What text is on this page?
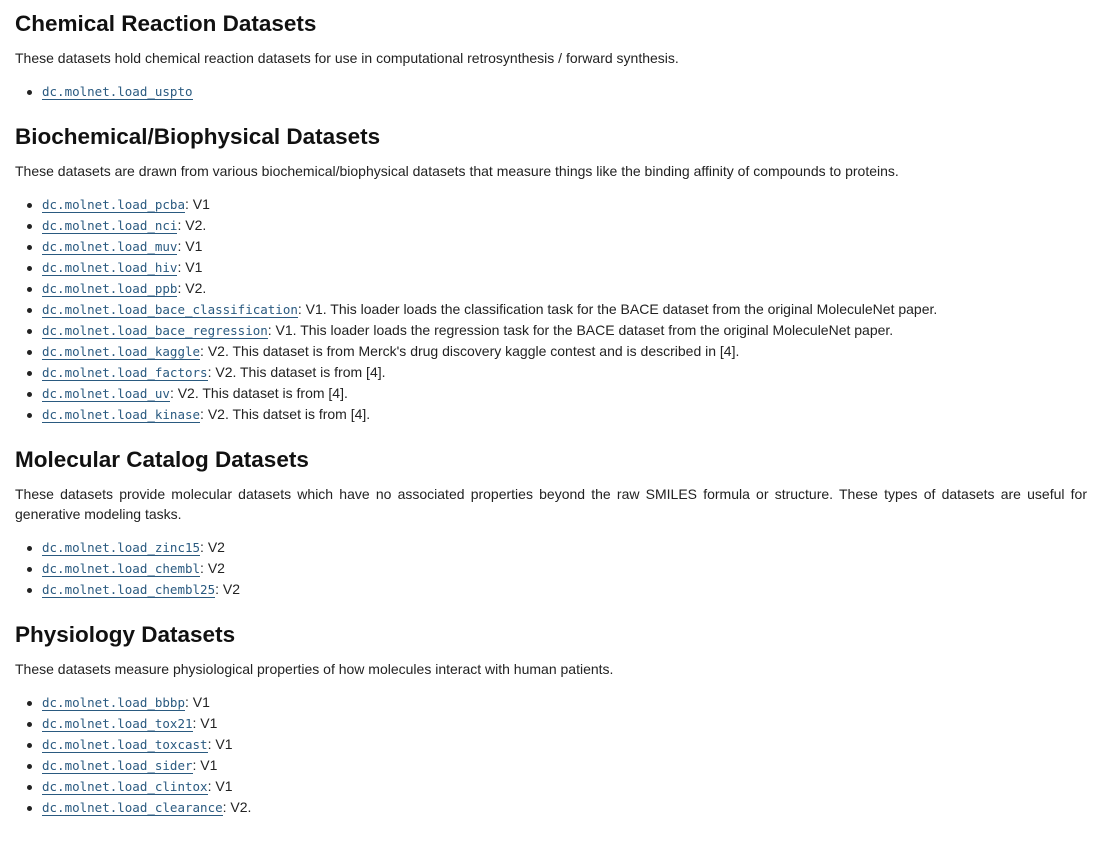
Chemical Reaction Datasets

These datasets hold chemical reaction datasets for use in computational retrosynthesis / forward synthesis.

dc.molnet.load_uspto
Biochemical/Biophysical Datasets

These datasets are drawn from various biochemical/biophysical datasets that measure things like the binding affinity of compounds to proteins.

dc.molnet.load_pcba: V1
dc.molnet.load_nci: V2.
dc.molnet.load_muv: V1
dc.molnet.load_hiv: V1
dc.molnet.load_ppb: V2.
dc.molnet.load_bace_classification: V1. This loader loads the classification task for the BACE dataset from the original MoleculeNet paper.
dc.molnet.load_bace_regression: V1. This loader loads the regression task for the BACE dataset from the original MoleculeNet paper.
dc.molnet.load_kaggle: V2. This dataset is from Merck's drug discovery kaggle contest and is described in [4].
dc.molnet.load_factors: V2. This dataset is from [4].
dc.molnet.load_uv: V2. This dataset is from [4].
dc.molnet.load_kinase: V2. This datset is from [4].
Molecular Catalog Datasets

These datasets provide molecular datasets which have no associated properties beyond the raw SMILES formula or structure. These types of datasets are useful for generative modeling tasks.

dc.molnet.load_zinc15: V2
dc.molnet.load_chembl: V2
dc.molnet.load_chembl25: V2
Physiology Datasets

These datasets measure physiological properties of how molecules interact with human patients.

dc.molnet.load_bbbp: V1
dc.molnet.load_tox21: V1
dc.molnet.load_toxcast: V1
dc.molnet.load_sider: V1
dc.molnet.load_clintox: V1
dc.molnet.load_clearance: V2.
